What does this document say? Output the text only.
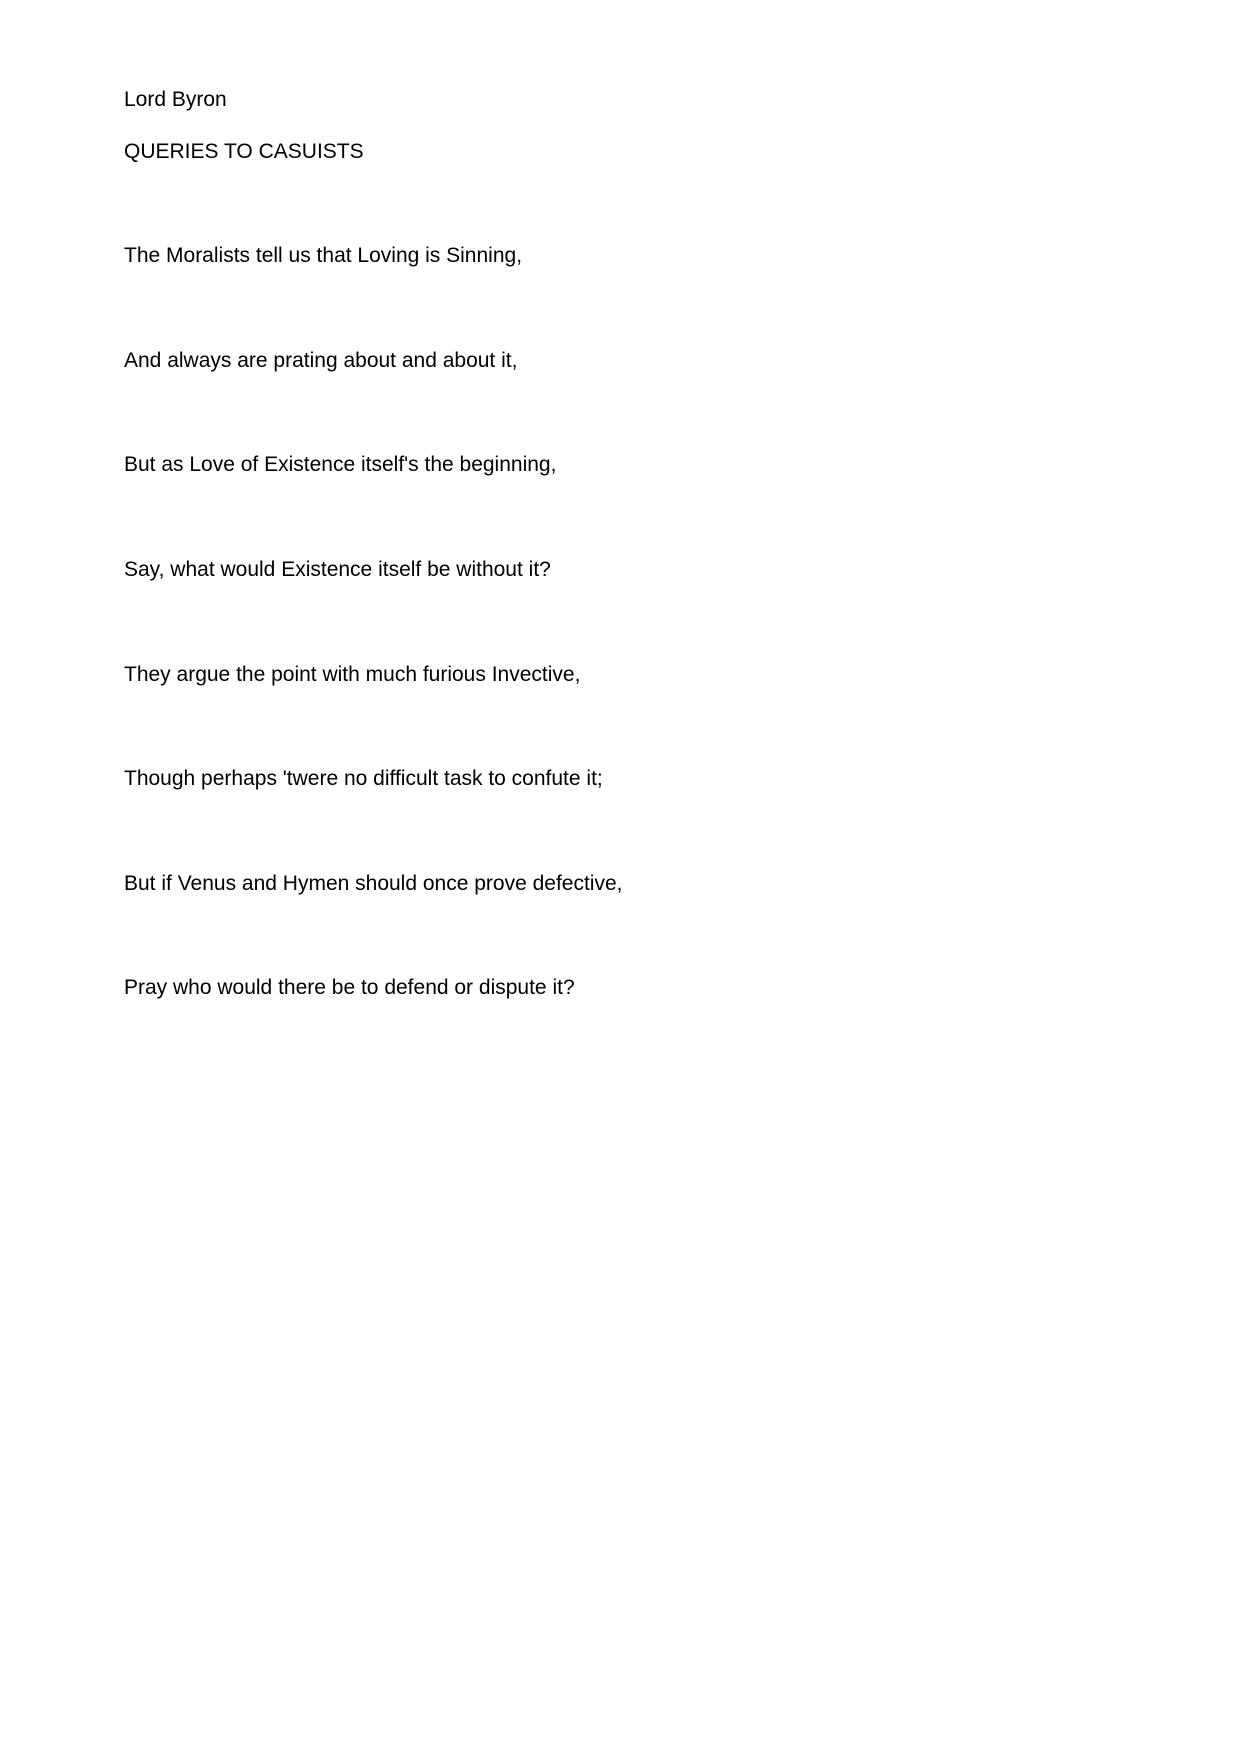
Lord Byron

QUERIES TO CASUISTS

The Moralists tell us that Loving is Sinning,

And always are prating about and about it,

But as Love of Existence itself's the beginning,

Say, what would Existence itself be without it?

They argue the point with much furious Invective,

Though perhaps 'twere no difficult task to confute it;

But if Venus and Hymen should once prove defective,

Pray who would there be to defend or dispute it?
